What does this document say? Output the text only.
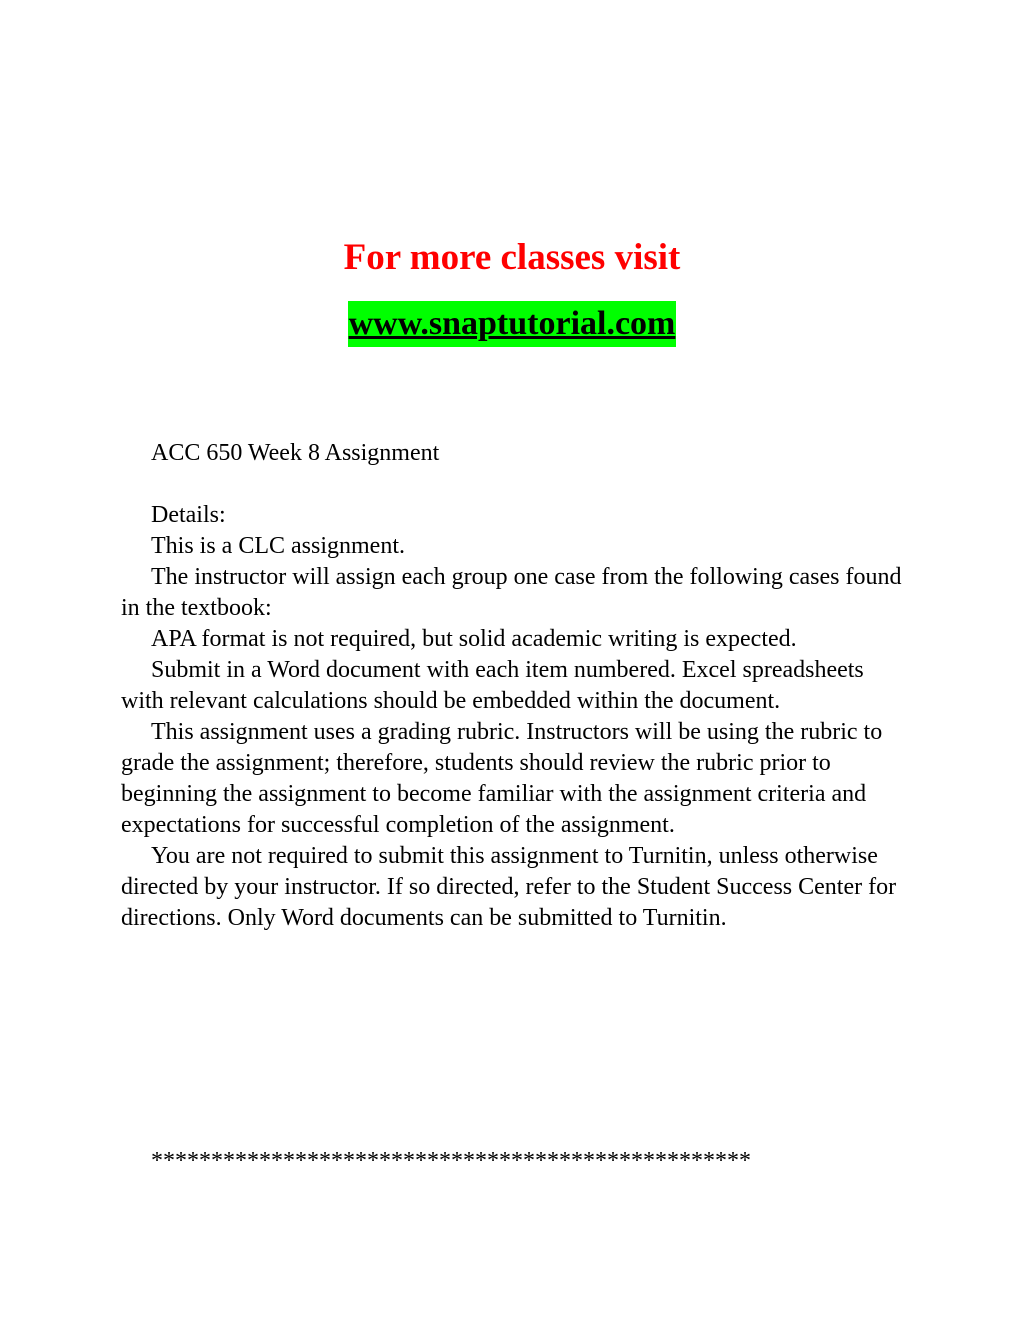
For more classes visit
www.snaptutorial.com

ACC 650 Week 8 Assignment

Details:

This is a CLC assignment.

The instructor will assign each group one case from the following cases found in the textbook:

APA format is not required, but solid academic writing is expected.

Submit in a Word document with each item numbered. Excel spreadsheets with relevant calculations should be embedded within the document.

This assignment uses a grading rubric. Instructors will be using the rubric to grade the assignment; therefore, students should review the rubric prior to beginning the assignment to become familiar with the assignment criteria and expectations for successful completion of the assignment.

You are not required to submit this assignment to Turnitin, unless otherwise directed by your instructor. If so directed, refer to the Student Success Center for directions. Only Word documents can be submitted to Turnitin.

**************************************************
